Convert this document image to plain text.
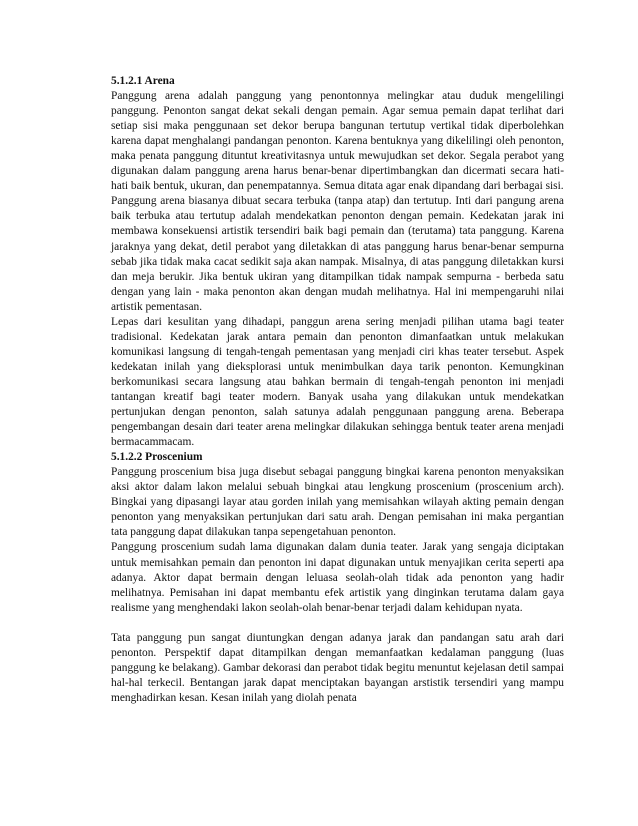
5.1.2.1 Arena

Panggung arena adalah panggung yang penontonnya melingkar atau duduk mengelilingi panggung. Penonton sangat dekat sekali dengan pemain. Agar semua pemain dapat terlihat dari setiap sisi maka penggunaan set dekor berupa bangunan tertutup vertikal tidak diperbolehkan karena dapat menghalangi pandangan penonton. Karena bentuknya yang dikelilingi oleh penonton, maka penata panggung dituntut kreativitasnya untuk mewujudkan set dekor. Segala perabot yang digunakan dalam panggung arena harus benar-benar dipertimbangkan dan dicermati secara hati-hati baik bentuk, ukuran, dan penempatannya. Semua ditata agar enak dipandang dari berbagai sisi.

Panggung arena biasanya dibuat secara terbuka (tanpa atap) dan tertutup. Inti dari pangung arena baik terbuka atau tertutup adalah mendekatkan penonton dengan pemain. Kedekatan jarak ini membawa konsekuensi artistik tersendiri baik bagi pemain dan (terutama) tata panggung. Karena jaraknya yang dekat, detil perabot yang diletakkan di atas panggung harus benar-benar sempurna sebab jika tidak maka cacat sedikit saja akan nampak. Misalnya, di atas panggung diletakkan kursi dan meja berukir. Jika bentuk ukiran yang ditampilkan tidak nampak sempurna - berbeda satu dengan yang lain - maka penonton akan dengan mudah melihatnya. Hal ini mempengaruhi nilai artistik pementasan.

Lepas dari kesulitan yang dihadapi, panggun arena sering menjadi pilihan utama bagi teater tradisional. Kedekatan jarak antara pemain dan penonton dimanfaatkan untuk melakukan komunikasi langsung di tengah-tengah pementasan yang menjadi ciri khas teater tersebut. Aspek kedekatan inilah yang dieksplorasi untuk menimbulkan daya tarik penonton. Kemungkinan berkomunikasi secara langsung atau bahkan bermain di tengah-tengah penonton ini menjadi tantangan kreatif bagi teater modern. Banyak usaha yang dilakukan untuk mendekatkan pertunjukan dengan penonton, salah satunya adalah penggunaan panggung arena. Beberapa pengembangan desain dari teater arena melingkar dilakukan sehingga bentuk teater arena menjadi bermacammacam.

5.1.2.2 Proscenium

Panggung proscenium bisa juga disebut sebagai panggung bingkai karena penonton menyaksikan aksi aktor dalam lakon melalui sebuah bingkai atau lengkung proscenium (proscenium arch). Bingkai yang dipasangi layar atau gorden inilah yang memisahkan wilayah akting pemain dengan penonton yang menyaksikan pertunjukan dari satu arah. Dengan pemisahan ini maka pergantian tata panggung dapat dilakukan tanpa sepengetahuan penonton.

Panggung proscenium sudah lama digunakan dalam dunia teater. Jarak yang sengaja diciptakan untuk memisahkan pemain dan penonton ini dapat digunakan untuk menyajikan cerita seperti apa adanya. Aktor dapat bermain dengan leluasa seolah-olah tidak ada penonton yang hadir melihatnya. Pemisahan ini dapat membantu efek artistik yang dinginkan terutama dalam gaya realisme yang menghendaki lakon seolah-olah benar-benar terjadi dalam kehidupan nyata.

Tata panggung pun sangat diuntungkan dengan adanya jarak dan pandangan satu arah dari penonton. Perspektif dapat ditampilkan dengan memanfaatkan kedalaman panggung (luas panggung ke belakang). Gambar dekorasi dan perabot tidak begitu menuntut kejelasan detil sampai hal-hal terkecil. Bentangan jarak dapat menciptakan bayangan arstistik tersendiri yang mampu menghadirkan kesan. Kesan inilah yang diolah penata
